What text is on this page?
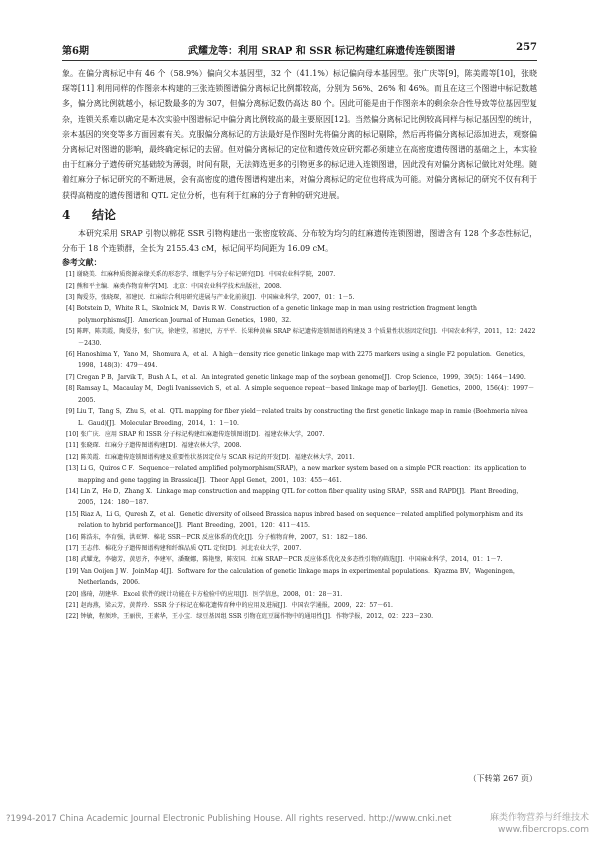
第6期	武耀龙等：利用 SRAP 和 SSR 标记构建红麻遗传连锁图谱	257

象。在偏分离标记中有 46 个（58.9%）偏向父本基因型，32 个（41.1%）标记偏向母本基因型。张广庆等[9]，陈美霞等[10]，张晓琛等[11] 利用同样的作图亲本构建的三张连锁图谱偏分离标记比例都较高，分别为 56%、26% 和 46%。而且在这三个图谱中标记数越多，偏分离比例就越小，标记数最多的为 307，但偏分离标记数仍高达 80 个。因此可能是由于作图亲本的剩余杂合性导致等位基因型复杂，连锁关系难以确定是本次实验中图谱标记中偏分离比例较高的最主要原因[12]。当然偏分离标记比例较高同样与标记基因型的统计，亲本基因的突变等多方面因素有关。克服偏分离标记的方法最好是作图时先将偏分离的标记剔除，然后再将偏分离标记添加进去，观察偏分离标记对图谱的影响，最终确定标记的去留。但对偏分离标记的定位和遗传效应研究都必须建立在高密度遗传图谱的基础之上，本实验由于红麻分子遗传研究基础较为薄弱，时间有限，无法筛选更多的引物更多的标记进入连锁图谱，因此没有对偏分离标记做比对处理。随着红麻分子标记研究的不断进展，会有高密度的遗传图谱构建出来，对偏分离标记的定位也将成为可能。对偏分离标记的研究不仅有利于获得高精度的遗传图谱和 QTL 定位分析，也有利于红麻的分子育种的研究进展。

4 结论

本研究采用 SRAP 引物以棉花 SSR 引物构建出一张密度较高、分布较为均匀的红麻遗传连锁图谱，图谱含有 128 个多态性标记，分布于 18 个连锁群，全长为 2155.43 cM，标记间平均间距为 16.09 cM。

参考文献：

[1] 谢晓美．红麻种质资源亲缘关系的形态学、细胞学与分子标记研究[D]．中国农业科学院，2007.
[2] 熊和平主编．麻类作物育种学[M]．北京：中国农业科学技术出版社，2008.
[3] 陶爱芬，张晓琛，祁建民．红麻综合利用研究进展与产业化前景[J]．中国麻业科学，2007，01：1－5.
[4] Botstein D，White R L，Skolnick M，Davis R W．Construction of a genetic linkage map in man using restriction fragment length polymorphisms[J]．American Journal of Human Genetics，1980，32.
[5] 陈晖，陈美霞，陶爱芬，张广庆，徐建堂，祁建民，方平平．长果种黄麻 SRAP 标记遗传连锁图谱的构建及 3 个质量性状基因定位[J]．中国农业科学，2011，12：2422－2430.
[6] Hanoshima Y，Yano M，Shomura A，et al．A high－density rice genetic linkage map with 2275 markers using a single F2 population．Genetics，1998，148(3)：479－494.
[7] Cregan P B，Jarvik T，Bush A L，et al．An integrated genetic linkage map of the soybean genome[J]．Crop Science，1999，39(5)：1464－1490.
[8] Ramsay L，Macaulay M，Degli Ivanissevich S，et al．A simple sequence repeat－based linkage map of barley[J]．Genetics，2000，156(4)：1997－2005.
[9] Liu T，Tang S，Zhu S，et al．QTL mapping for fiber yield－related traits by constructing the first genetic linkage map in ramie (Boehmeria nivea L．Gaud)[J]．Molecular Breeding，2014，1：1－10.
[10] 张广庆．应用 SRAP 和 ISSR 分子标记构建红麻遗传连锁图谱[D]．福建农林大学，2007.
[11] 张晓琛．红麻分子遗传图谱构建[D]．福建农林大学，2008.
[12] 陈美霞．红麻遗传连锁图谱构建及重要性状基因定位与 SCAR 标记的开发[D]．福建农林大学，2011.
[13] Li G，Quiros C F．Sequence－related amplified polymorphism(SRAP)，a new marker system based on a simple PCR reaction：its application to mapping and gene tagging in Brassica[J]．Theor Appl Genet，2001，103：455－461.
[14] Lin Z，He D，Zhang X．Linkage map construction and mapping QTL for cotton fiber quality using SRAP，SSR and RAPD[J]．Plant Breeding，2005，124：180－187.
[15] Riaz A，Li G，Quresh Z，et al．Genetic diversity of oilseed Brassica napus inbred based on sequence－related amplified polymorphism and its relation to hybrid performance[J]．Plant Breeding，2001，120：411－415.
[16] 陈浩东，李育强，洪亚辉．棉花 SSR－PCR 反应体系的优化[J]．分子植物育种，2007，S1：182－186.
[17] 王志伟．棉花分子遗传图谱构建和纤维品质 QTL 定位[D]．河北农业大学，2007.
[18] 武耀龙，李德芳，黄思齐，李建军，潘聚娜，陈艳璧，陈安国．红麻 SRAP－PCR 反应体系优化及多态性引物的筛选[J]．中国麻业科学，2014，01：1－7.
[19] Van Ooijen J W．JoinMap 4[J]．Software for the calculation of genetic linkage maps in experimental populations．Kyazma BV，Wageningen，Netherlands，2006.
[20] 盛琦，胡建华．Excel 软件的统计功能在卡方检验中的应用[J]．医学信息，2008，01：28－31.
[21] 赵海燕，梁云芳，黄普玲．SSR 分子标记在棉花遗传育种中的应用及进展[J]．中国农学通报，2009，22：57－61.
[22] 钟敏，程须珍，王丽侠，王素华，王小宝．绿豆基因组 SSR 引物在豇豆属作物中的通用性[J]．作物学报，2012，02：223－230.
（下转第 267 页）
?1994-2017 China Academic Journal Electronic Publishing House. All rights reserved. http://www.cnki.net	麻类作物营养与纤维技术
www.fibercrops.com
